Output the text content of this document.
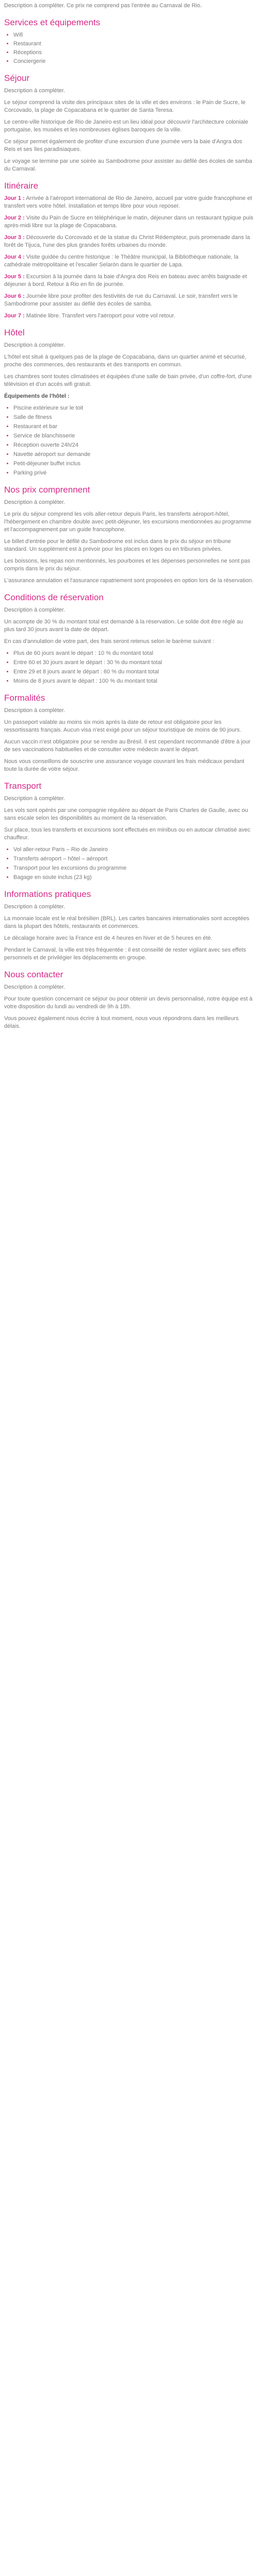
Description à compléter. Ce prix ne comprend pas l'entrée au Carnaval de Rio.

Services et équipements
• Wifi
• Restaurant
• Réceptions
• Conciergerie
Séjour

Description à compléter.

Le séjour comprend la visite des principaux sites de la ville et des environs : le Pain de Sucre, le Corcovado, la plage de Copacabana et le quartier de Santa Teresa.

Le centre-ville historique de Rio de Janeiro est un lieu idéal pour découvrir l'architecture coloniale portugaise, les musées et les nombreuses églises baroques de la ville.

Ce séjour permet également de profiter d'une excursion d'une journée vers la baie d'Angra dos Reis et ses îles paradisiaques.

Le voyage se termine par une soirée au Sambodrome pour assister au défilé des écoles de samba du Carnaval.

Itinéraire

Jour 1 : Arrivée à l'aéroport international de Rio de Janeiro, accueil par votre guide francophone et transfert vers votre hôtel. Installation et temps libre pour vous reposer.

Jour 2 : Visite du Pain de Sucre en téléphérique le matin, déjeuner dans un restaurant typique puis après-midi libre sur la plage de Copacabana.

Jour 3 : Découverte du Corcovado et de la statue du Christ Rédempteur, puis promenade dans la forêt de Tijuca, l'une des plus grandes forêts urbaines du monde.

Jour 4 : Visite guidée du centre historique : le Théâtre municipal, la Bibliothèque nationale, la cathédrale métropolitaine et l'escalier Selarón dans le quartier de Lapa.

Jour 5 : Excursion à la journée dans la baie d'Angra dos Reis en bateau avec arrêts baignade et déjeuner à bord. Retour à Rio en fin de journée.

Jour 6 : Journée libre pour profiter des festivités de rue du Carnaval. Le soir, transfert vers le Sambodrome pour assister au défilé des écoles de samba.

Jour 7 : Matinée libre. Transfert vers l'aéroport pour votre vol retour.

Hôtel

Description à compléter.

L'hôtel est situé à quelques pas de la plage de Copacabana, dans un quartier animé et sécurisé, proche des commerces, des restaurants et des transports en commun.

Les chambres sont toutes climatisées et équipées d'une salle de bain privée, d'un coffre-fort, d'une télévision et d'un accès wifi gratuit.

Équipements de l'hôtel :

• Piscine extérieure sur le toit
• Salle de fitness
• Restaurant et bar
• Service de blanchisserie
• Réception ouverte 24h/24
• Navette aéroport sur demande
• Petit-déjeuner buffet inclus
• Parking privé
Nos prix comprennent

Description à compléter.

Le prix du séjour comprend les vols aller-retour depuis Paris, les transferts aéroport-hôtel, l'hébergement en chambre double avec petit-déjeuner, les excursions mentionnées au programme et l'accompagnement par un guide francophone.

Le billet d'entrée pour le défilé du Sambodrome est inclus dans le prix du séjour en tribune standard. Un supplément est à prévoir pour les places en loges ou en tribunes privées.

Les boissons, les repas non mentionnés, les pourboires et les dépenses personnelles ne sont pas compris dans le prix du séjour.

L'assurance annulation et l'assurance rapatriement sont proposées en option lors de la réservation.

Conditions de réservation

Description à compléter.

Un acompte de 30 % du montant total est demandé à la réservation. Le solde doit être réglé au plus tard 30 jours avant la date de départ.

En cas d'annulation de votre part, des frais seront retenus selon le barème suivant :

• Plus de 60 jours avant le départ : 10 % du montant total
• Entre 60 et 30 jours avant le départ : 30 % du montant total
• Entre 29 et 8 jours avant le départ : 60 % du montant total
• Moins de 8 jours avant le départ : 100 % du montant total
Formalités

Description à compléter.

Un passeport valable au moins six mois après la date de retour est obligatoire pour les ressortissants français. Aucun visa n'est exigé pour un séjour touristique de moins de 90 jours.

Aucun vaccin n'est obligatoire pour se rendre au Brésil. Il est cependant recommandé d'être à jour de ses vaccinations habituelles et de consulter votre médecin avant le départ.

Nous vous conseillons de souscrire une assurance voyage couvrant les frais médicaux pendant toute la durée de votre séjour.

Transport

Description à compléter.

Les vols sont opérés par une compagnie régulière au départ de Paris Charles de Gaulle, avec ou sans escale selon les disponibilités au moment de la réservation.

Sur place, tous les transferts et excursions sont effectués en minibus ou en autocar climatisé avec chauffeur.

• Vol aller-retour Paris – Rio de Janeiro
• Transferts aéroport – hôtel – aéroport
• Transport pour les excursions du programme
• Bagage en soute inclus (23 kg)
Informations pratiques

Description à compléter.

La monnaie locale est le réal brésilien (BRL). Les cartes bancaires internationales sont acceptées dans la plupart des hôtels, restaurants et commerces.

Le décalage horaire avec la France est de 4 heures en hiver et de 5 heures en été.

Pendant le Carnaval, la ville est très fréquentée : il est conseillé de rester vigilant avec ses effets personnels et de privilégier les déplacements en groupe.

Nous contacter

Description à compléter.

Pour toute question concernant ce séjour ou pour obtenir un devis personnalisé, notre équipe est à votre disposition du lundi au vendredi de 9h à 18h.

Vous pouvez également nous écrire à tout moment, nous vous répondrons dans les meilleurs délais.
